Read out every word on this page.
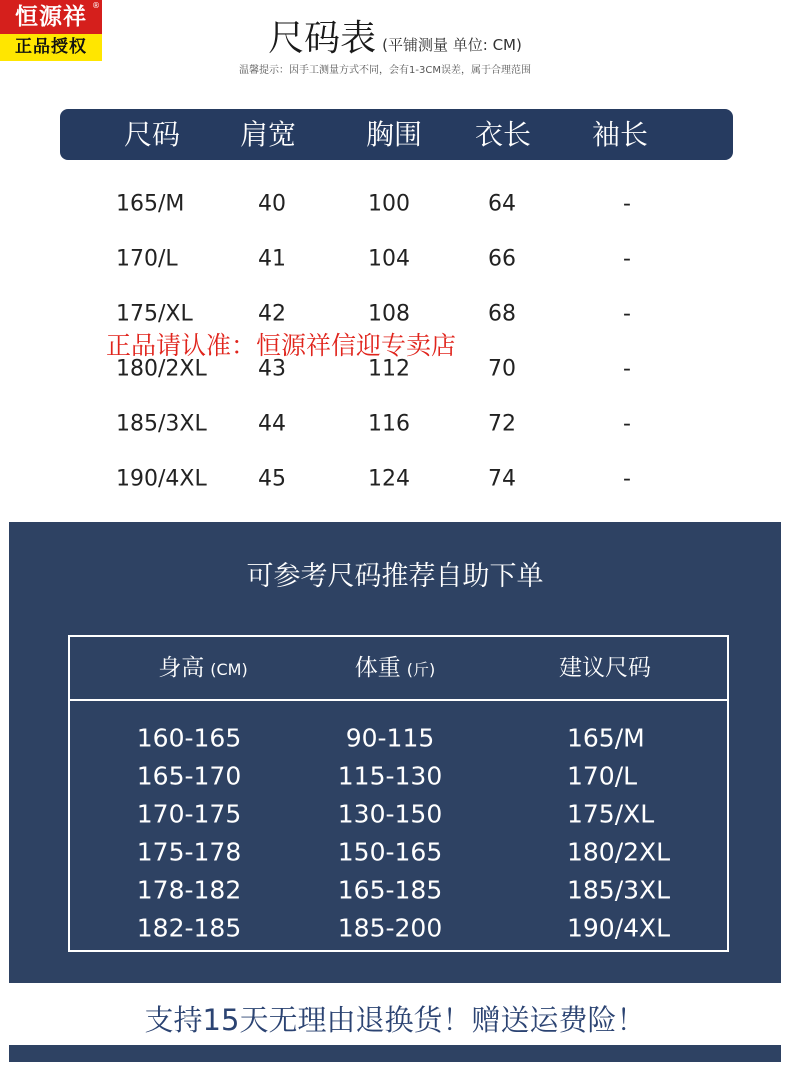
恒源祥 ®
正品授权	尺码表 (平铺测量 单位: CM)
温馨提示：因手工测量方式不同，会有1-3CM误差，属于合理范围
尺码 肩宽 胸围 衣长 袖长
165/M	40	100	64	-
170/L	41	104	66	-
175/XL	42	108	68	-
180/2XL 43	112	70	-
185/3XL 44	116	72	-
190/4XL 45	124	74	-
正品请认准：恒源祥信迎专卖店
可参考尺码推荐自助下单
身高 (CM)	体重 (斤)	建议尺码
160-165	90-115	165/M
165-170	115-130	170/L
170-175	130-150	175/XL
175-178	150-165	180/2XL
178-182	165-185	185/3XL
182-185	185-200	190/4XL
支持15天无理由退换货！赠送运费险！
